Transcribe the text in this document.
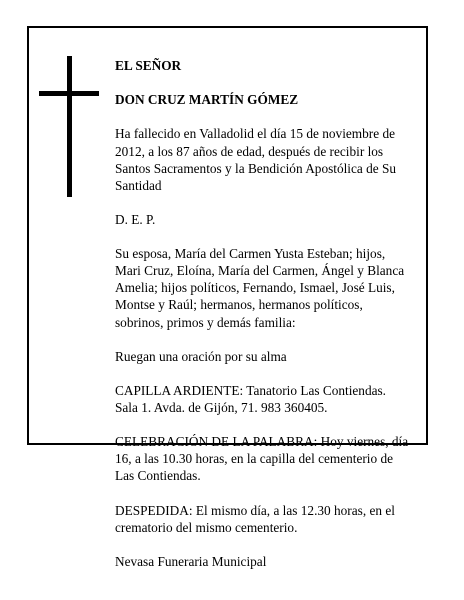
EL SEÑOR

DON CRUZ MARTÍN GÓMEZ

Ha fallecido en Valladolid el día 15 de noviembre de
2012, a los 87 años de edad, después de recibir los
Santos Sacramentos y la Bendición Apostólica de Su
Santidad

D. E. P.

Su esposa, María del Carmen Yusta Esteban; hijos,
Mari Cruz, Eloína, María del Carmen, Ángel y Blanca
Amelia; hijos políticos, Fernando, Ismael, José Luis,
Montse y Raúl; hermanos, hermanos políticos,
sobrinos, primos y demás familia:

Ruegan una oración por su alma

CAPILLA ARDIENTE: Tanatorio Las Contiendas.
Sala 1. Avda. de Gijón, 71. 983 360405.

CELEBRACIÓN DE LA PALABRA: Hoy viernes, día
16, a las 10.30 horas, en la capilla del cementerio de
Las Contiendas.

DESPEDIDA: El mismo día, a las 12.30 horas, en el
crematorio del mismo cementerio.

Nevasa Funeraria Municipal
